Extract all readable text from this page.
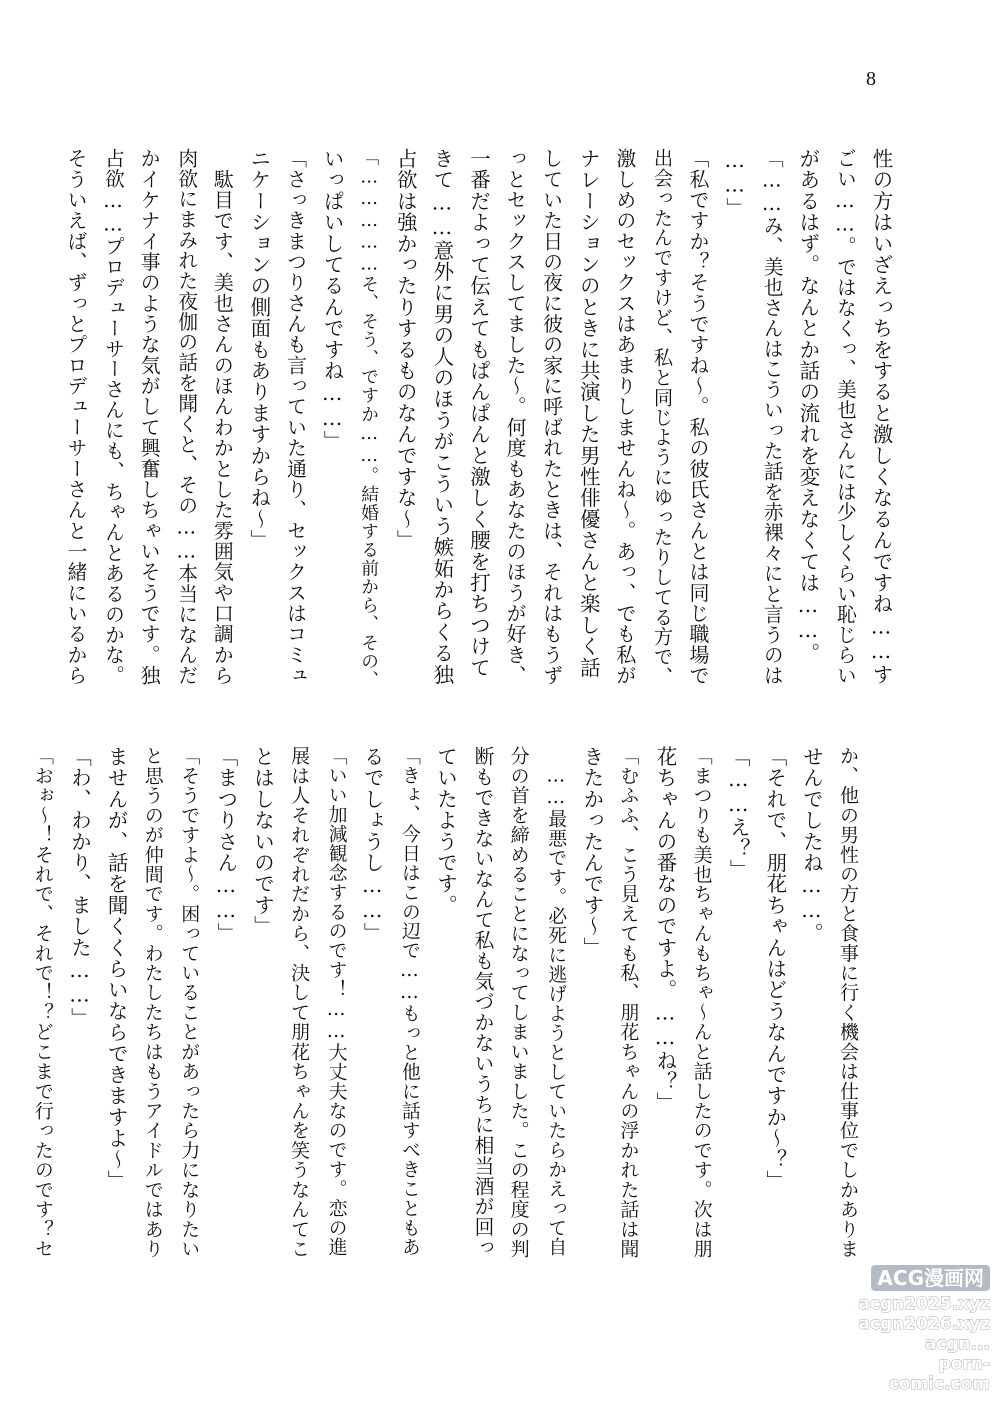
8
性の方はいざえっちをすると激しくなるんですね……す
ごい……。ではなくっ、美也さんには少しくらい恥じらい
があるはず。なんとか話の流れを変えなくては……。
「……み、美也さんはこういった話を赤裸々にと言うのは
……」
「私ですか？そうですね〜。私の彼氏さんとは同じ職場で
出会ったんですけど、私と同じようにゆったりしてる方で、
激しめのセックスはあまりしませんね〜。あっ、でも私が
ナレーションのときに共演した男性俳優さんと楽しく話
していた日の夜に彼の家に呼ばれたときは、それはもうず
っとセックスしてました〜。何度もあなたのほうが好き、
一番だよって伝えてもぱんぱんと激しく腰を打ちつけて
きて……意外に男の人のほうがこういう嫉妬からくる独
占欲は強かったりするものなんですな〜」
「……………そ、そう、ですか……。結婚する前から、その、
いっぱいしてるんですね……」
「さっきまつりさんも言っていた通り、セックスはコミュ
ニケーションの側面もありますからね〜」
　駄目です、美也さんのほんわかとした雰囲気や口調から
肉欲にまみれた夜伽の話を聞くと、その……本当になんだ
かイケナイ事のような気がして興奮しちゃいそうです。独
占欲……プロデューサーさんにも、ちゃんとあるのかな。
そういえば、ずっとプロデューサーさんと一緒にいるから
か、他の男性の方と食事に行く機会は仕事位でしかありま
せんでしたね……。
「それで、朋花ちゃんはどうなんですか〜？」
「……え？」
「まつりも美也ちゃんもちゃ〜んと話したのです。次は朋
花ちゃんの番なのですよ。……ね？」
「むふふ、こう見えても私、朋花ちゃんの浮かれた話は聞
きたかったんです〜」
　……最悪です。必死に逃げようとしていたらかえって自
分の首を締めることになってしまいました。この程度の判
断もできないなんて私も気づかないうちに相当酒が回っ
ていたようです。
「きょ、今日はこの辺で……もっと他に話すべきこともあ
るでしょうし……」
「いい加減観念するのです！……大丈夫なのです。恋の進
展は人それぞれだから、決して朋花ちゃんを笑うなんてこ
とはしないのです」
「まつりさん……」
「そうですよ〜。困っていることがあったら力になりたい
と思うのが仲間です。わたしたちはもうアイドルではあり
ませんが、話を聞くくらいならできますよ〜」
「わ、わかり、ました……」
「おぉ〜！それで、それで！？どこまで行ったのです？セ
ACG漫画网
acgn2025.xyz
acgn2026.xyz
acgn...
porn-comic.com
